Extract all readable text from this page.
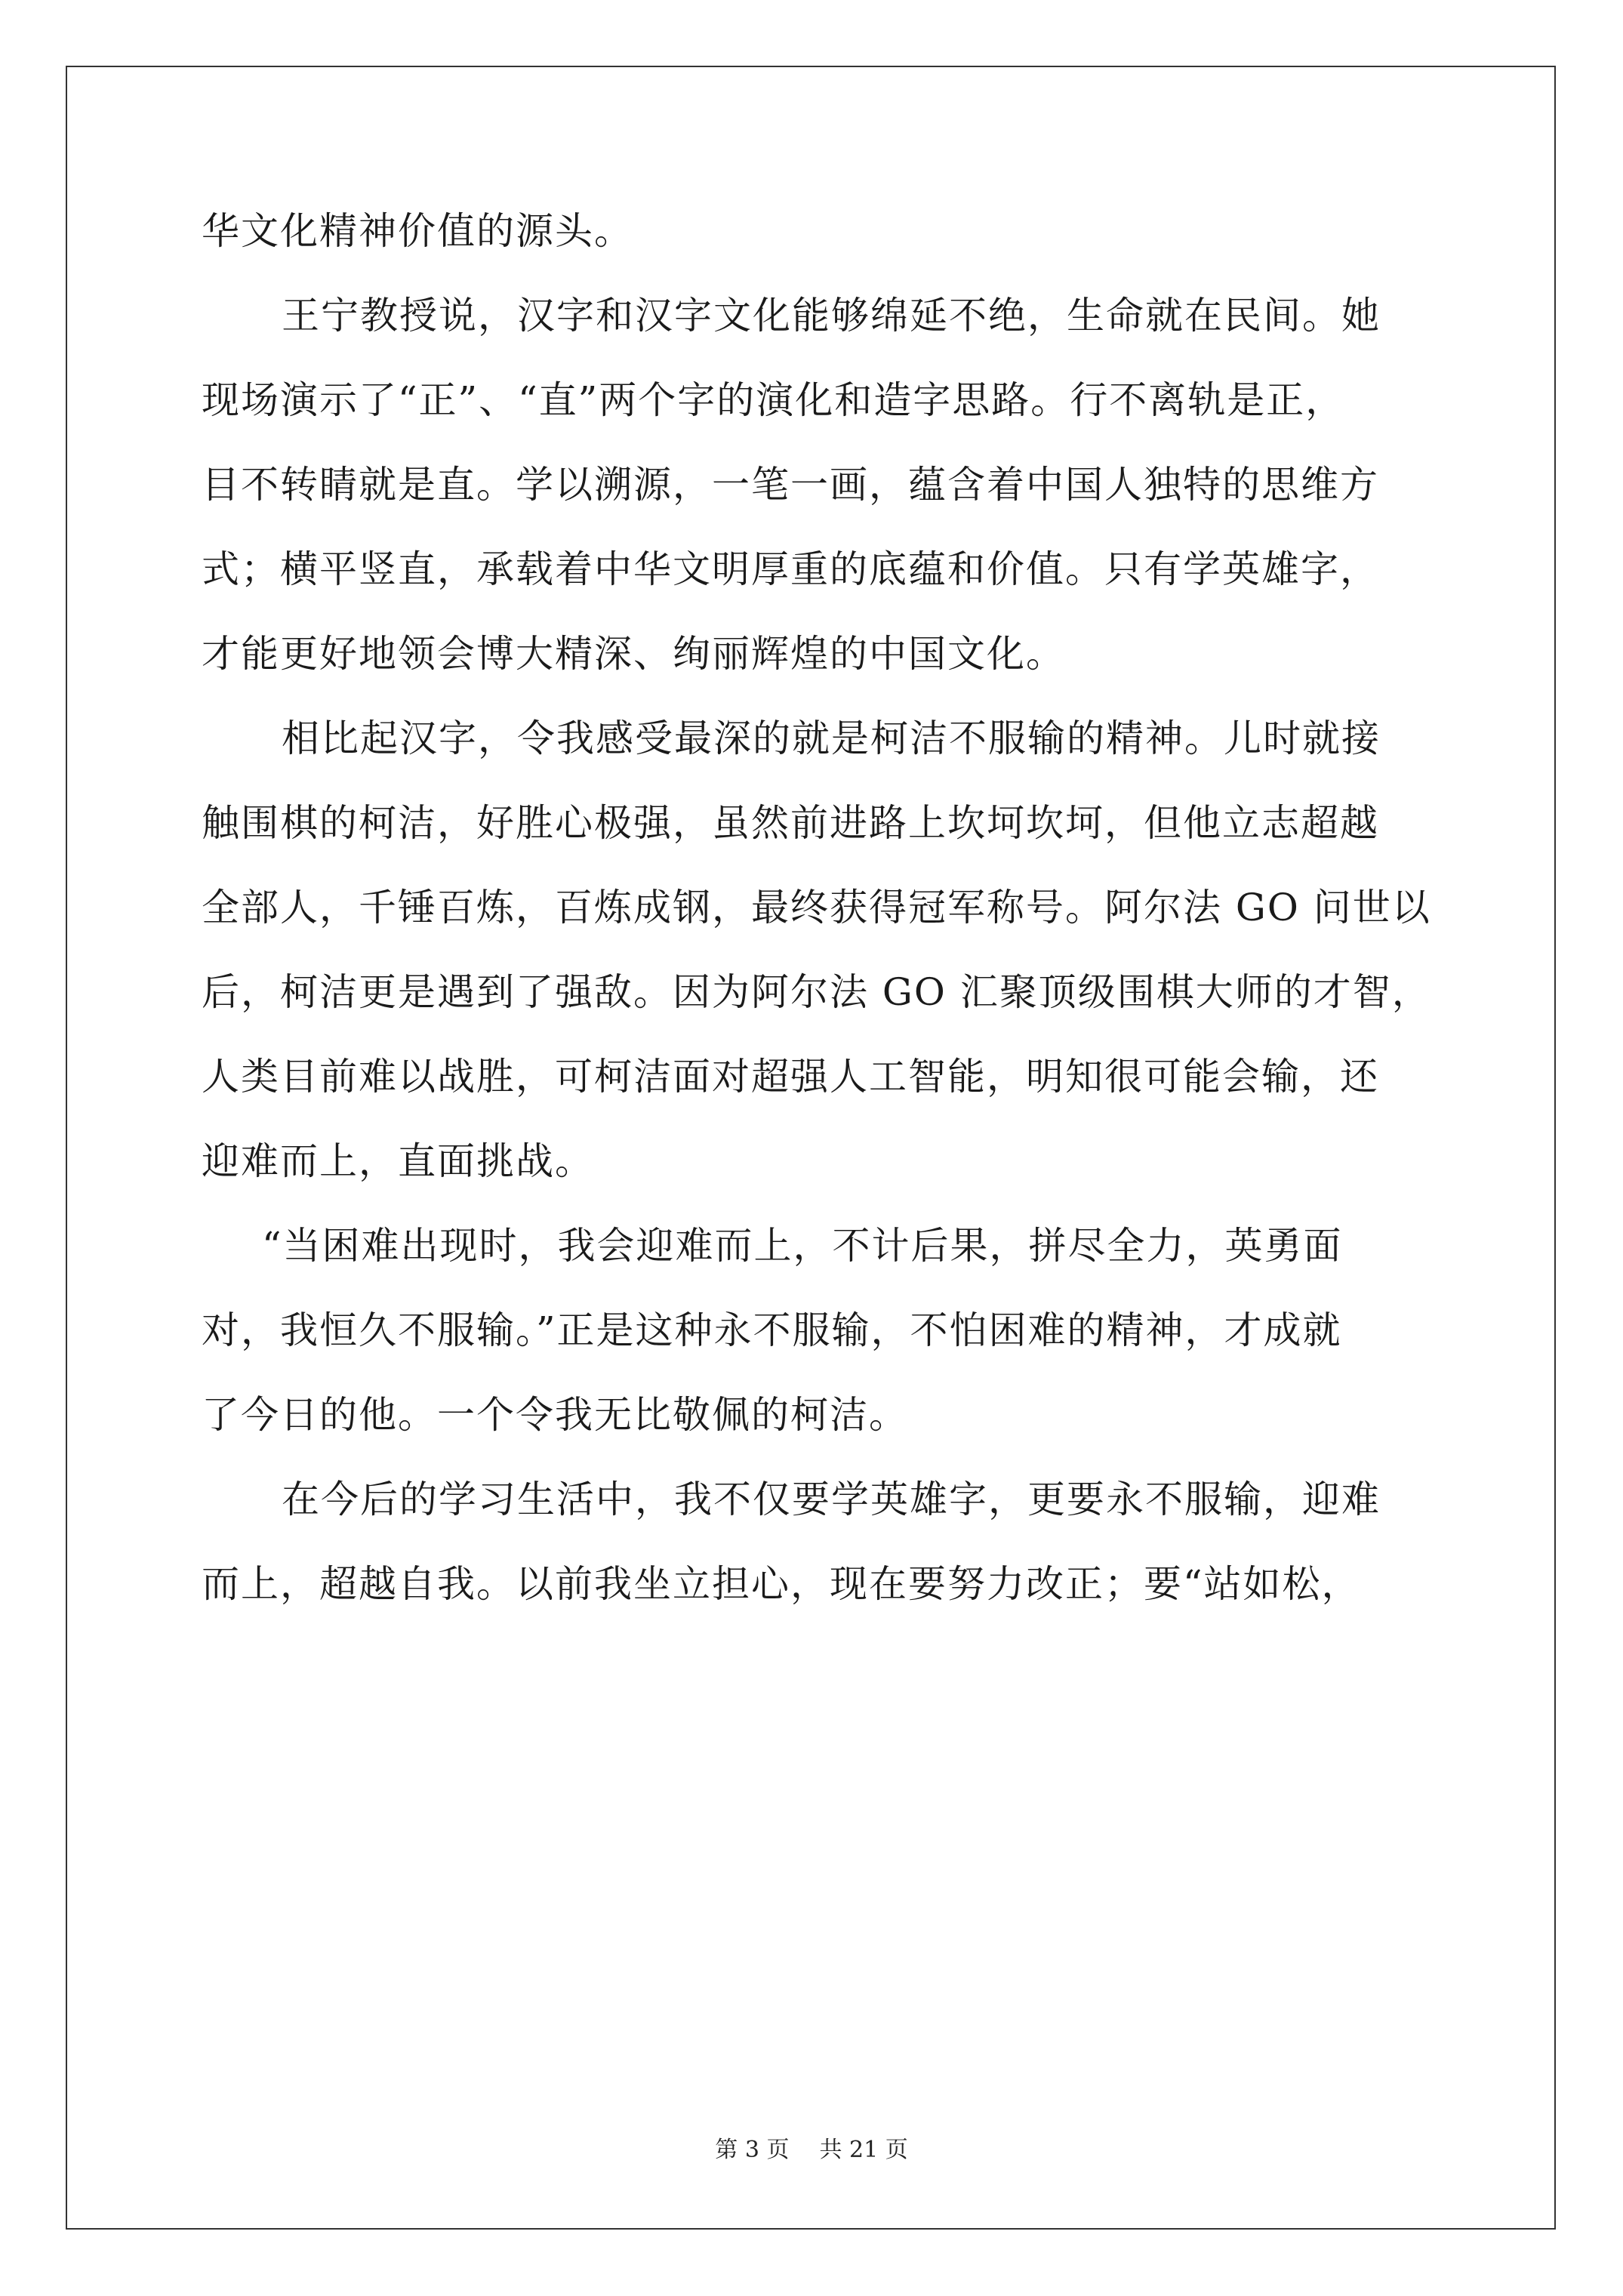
华文化精神价值的源头。
王宁教授说，汉字和汉字文化能够绵延不绝，生命就在民间。她
现场演示了“正”、“直”两个字的演化和造字思路。行不离轨是正，
目不转睛就是直。学以溯源，一笔一画，蕴含着中国人独特的思维方
式；横平竖直，承载着中华文明厚重的底蕴和价值。只有学英雄字，
才能更好地领会博大精深、绚丽辉煌的中国文化。
相比起汉字，令我感受最深的就是柯洁不服输的精神。儿时就接
触围棋的柯洁，好胜心极强，虽然前进路上坎坷坎坷，但他立志超越
全部人，千锤百炼，百炼成钢，最终获得冠军称号。阿尔法 GO 问世以
后，柯洁更是遇到了强敌。因为阿尔法 GO 汇聚顶级围棋大师的才智，
人类目前难以战胜，可柯洁面对超强人工智能，明知很可能会输，还
迎难而上，直面挑战。
“当困难出现时，我会迎难而上，不计后果，拼尽全力，英勇面
对，我恒久不服输。”正是这种永不服输，不怕困难的精神，才成就
了今日的他。一个令我无比敬佩的柯洁。
在今后的学习生活中，我不仅要学英雄字，更要永不服输，迎难
而上，超越自我。以前我坐立担心，现在要努力改正；要“站如松，
第 3 页 共 21 页
